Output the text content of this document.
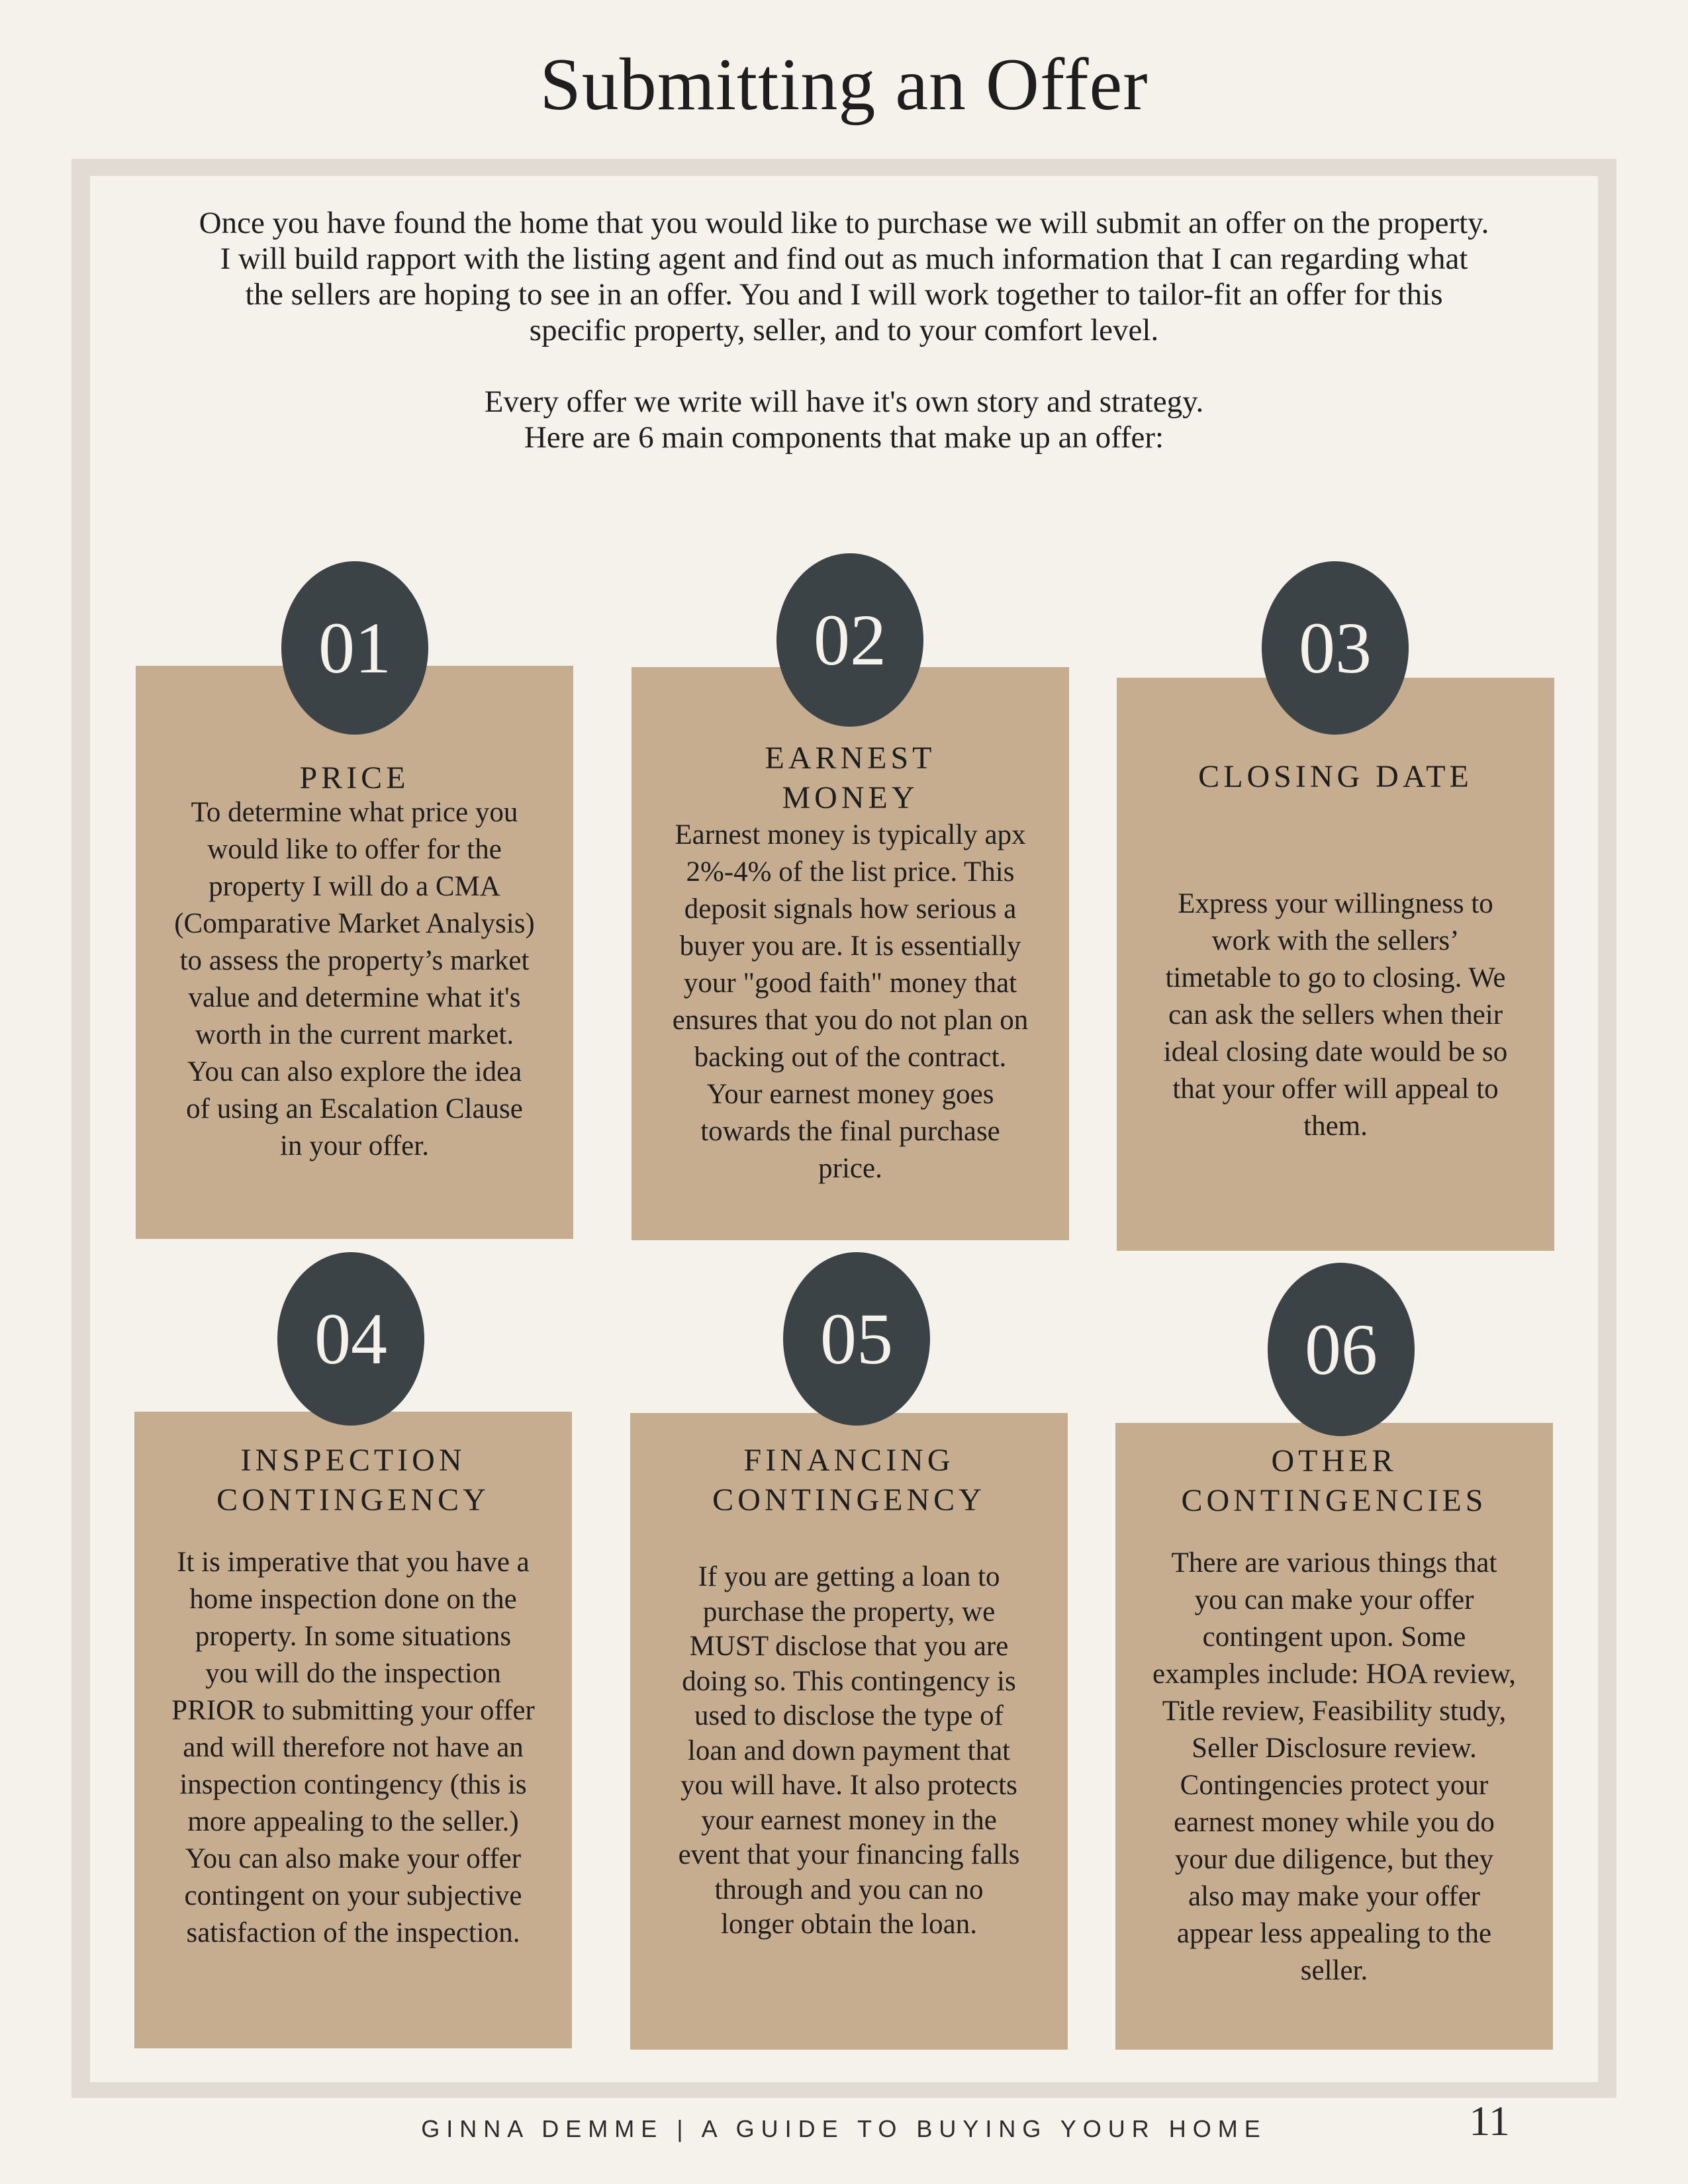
Submitting an Offer

Once you have found the home that you would like to purchase we will submit an offer on the property. I will build rapport with the listing agent and find out as much information that I can regarding what the sellers are hoping to see in an offer. You and I will work together to tailor-fit an offer for this specific property, seller, and to your comfort level.

Every offer we write will have it's own story and strategy.

Here are 6 main components that make up an offer:

PRICE
To determine what price you would like to offer for the property I will do a CMA (Comparative Market Analysis) to assess the property’s market value and determine what it's worth in the current market. You can also explore the idea of using an Escalation Clause in your offer.
01
EARNEST MONEY
Earnest money is typically apx 2%-4% of the list price. This deposit signals how serious a buyer you are. It is essentially your "good faith" money that ensures that you do not plan on backing out of the contract. Your earnest money goes towards the final purchase price.
02
CLOSING DATE
Express your willingness to work with the sellers’ timetable to go to closing. We can ask the sellers when their ideal closing date would be so that your offer will appeal to them.
03
INSPECTION CONTINGENCY
It is imperative that you have a home inspection done on the property. In some situations you will do the inspection PRIOR to submitting your offer and will therefore not have an inspection contingency (this is more appealing to the seller.) You can also make your offer contingent on your subjective satisfaction of the inspection.
04
FINANCING CONTINGENCY
If you are getting a loan to purchase the property, we MUST disclose that you are doing so. This contingency is used to disclose the type of loan and down payment that you will have. It also protects your earnest money in the event that your financing falls through and you can no longer obtain the loan.
05
OTHER CONTINGENCIES
There are various things that you can make your offer contingent upon. Some examples include: HOA review, Title review, Feasibility study, Seller Disclosure review. Contingencies protect your earnest money while you do your due diligence, but they also may make your offer appear less appealing to the seller.
06
GINNA DEMME | A GUIDE TO BUYING YOUR HOME	11
